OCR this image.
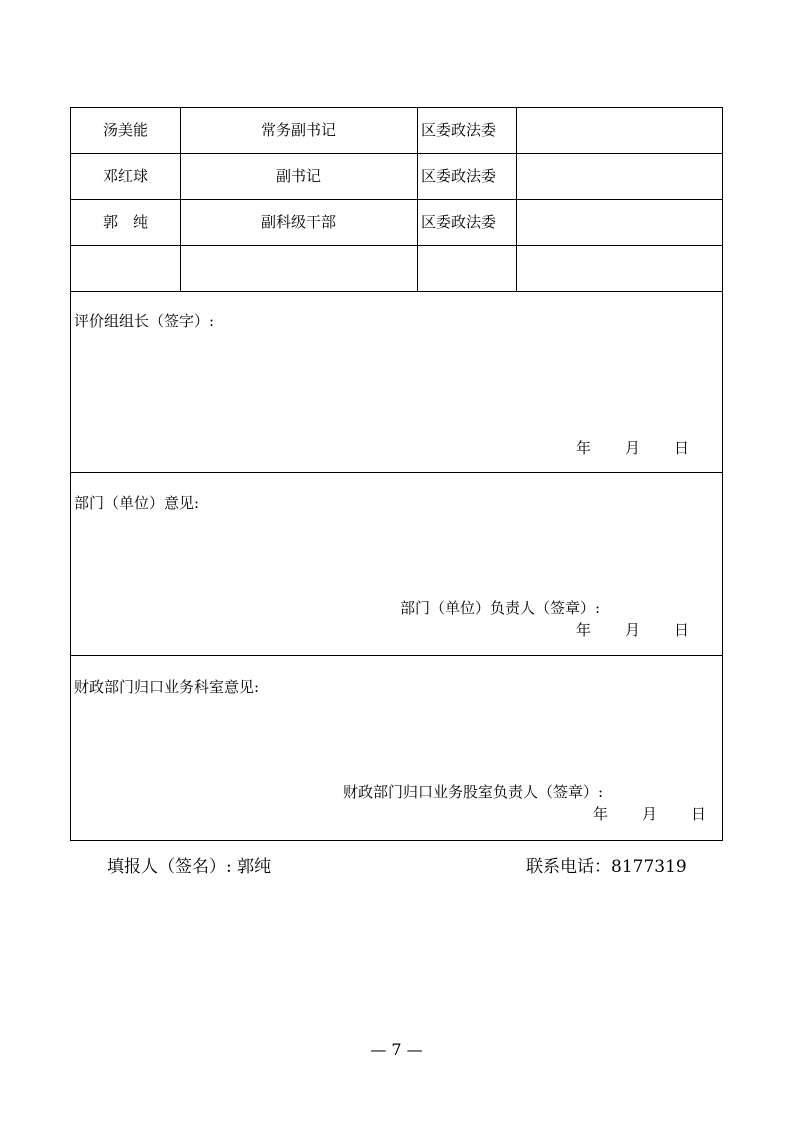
汤美能	常务副书记	区委政法委
邓红球	副书记	区委政法委
郭　纯	副科级干部	区委政法委
评价组组长（签字）:
年 月 日
部门（单位）意见:
部门（单位）负责人（签章）:
年 月 日
财政部门归口业务科室意见:
财政部门归口业务股室负责人（签章）:
年 月 日
填报人（签名）: 郭纯	联系电话：8177319
— 7 —
